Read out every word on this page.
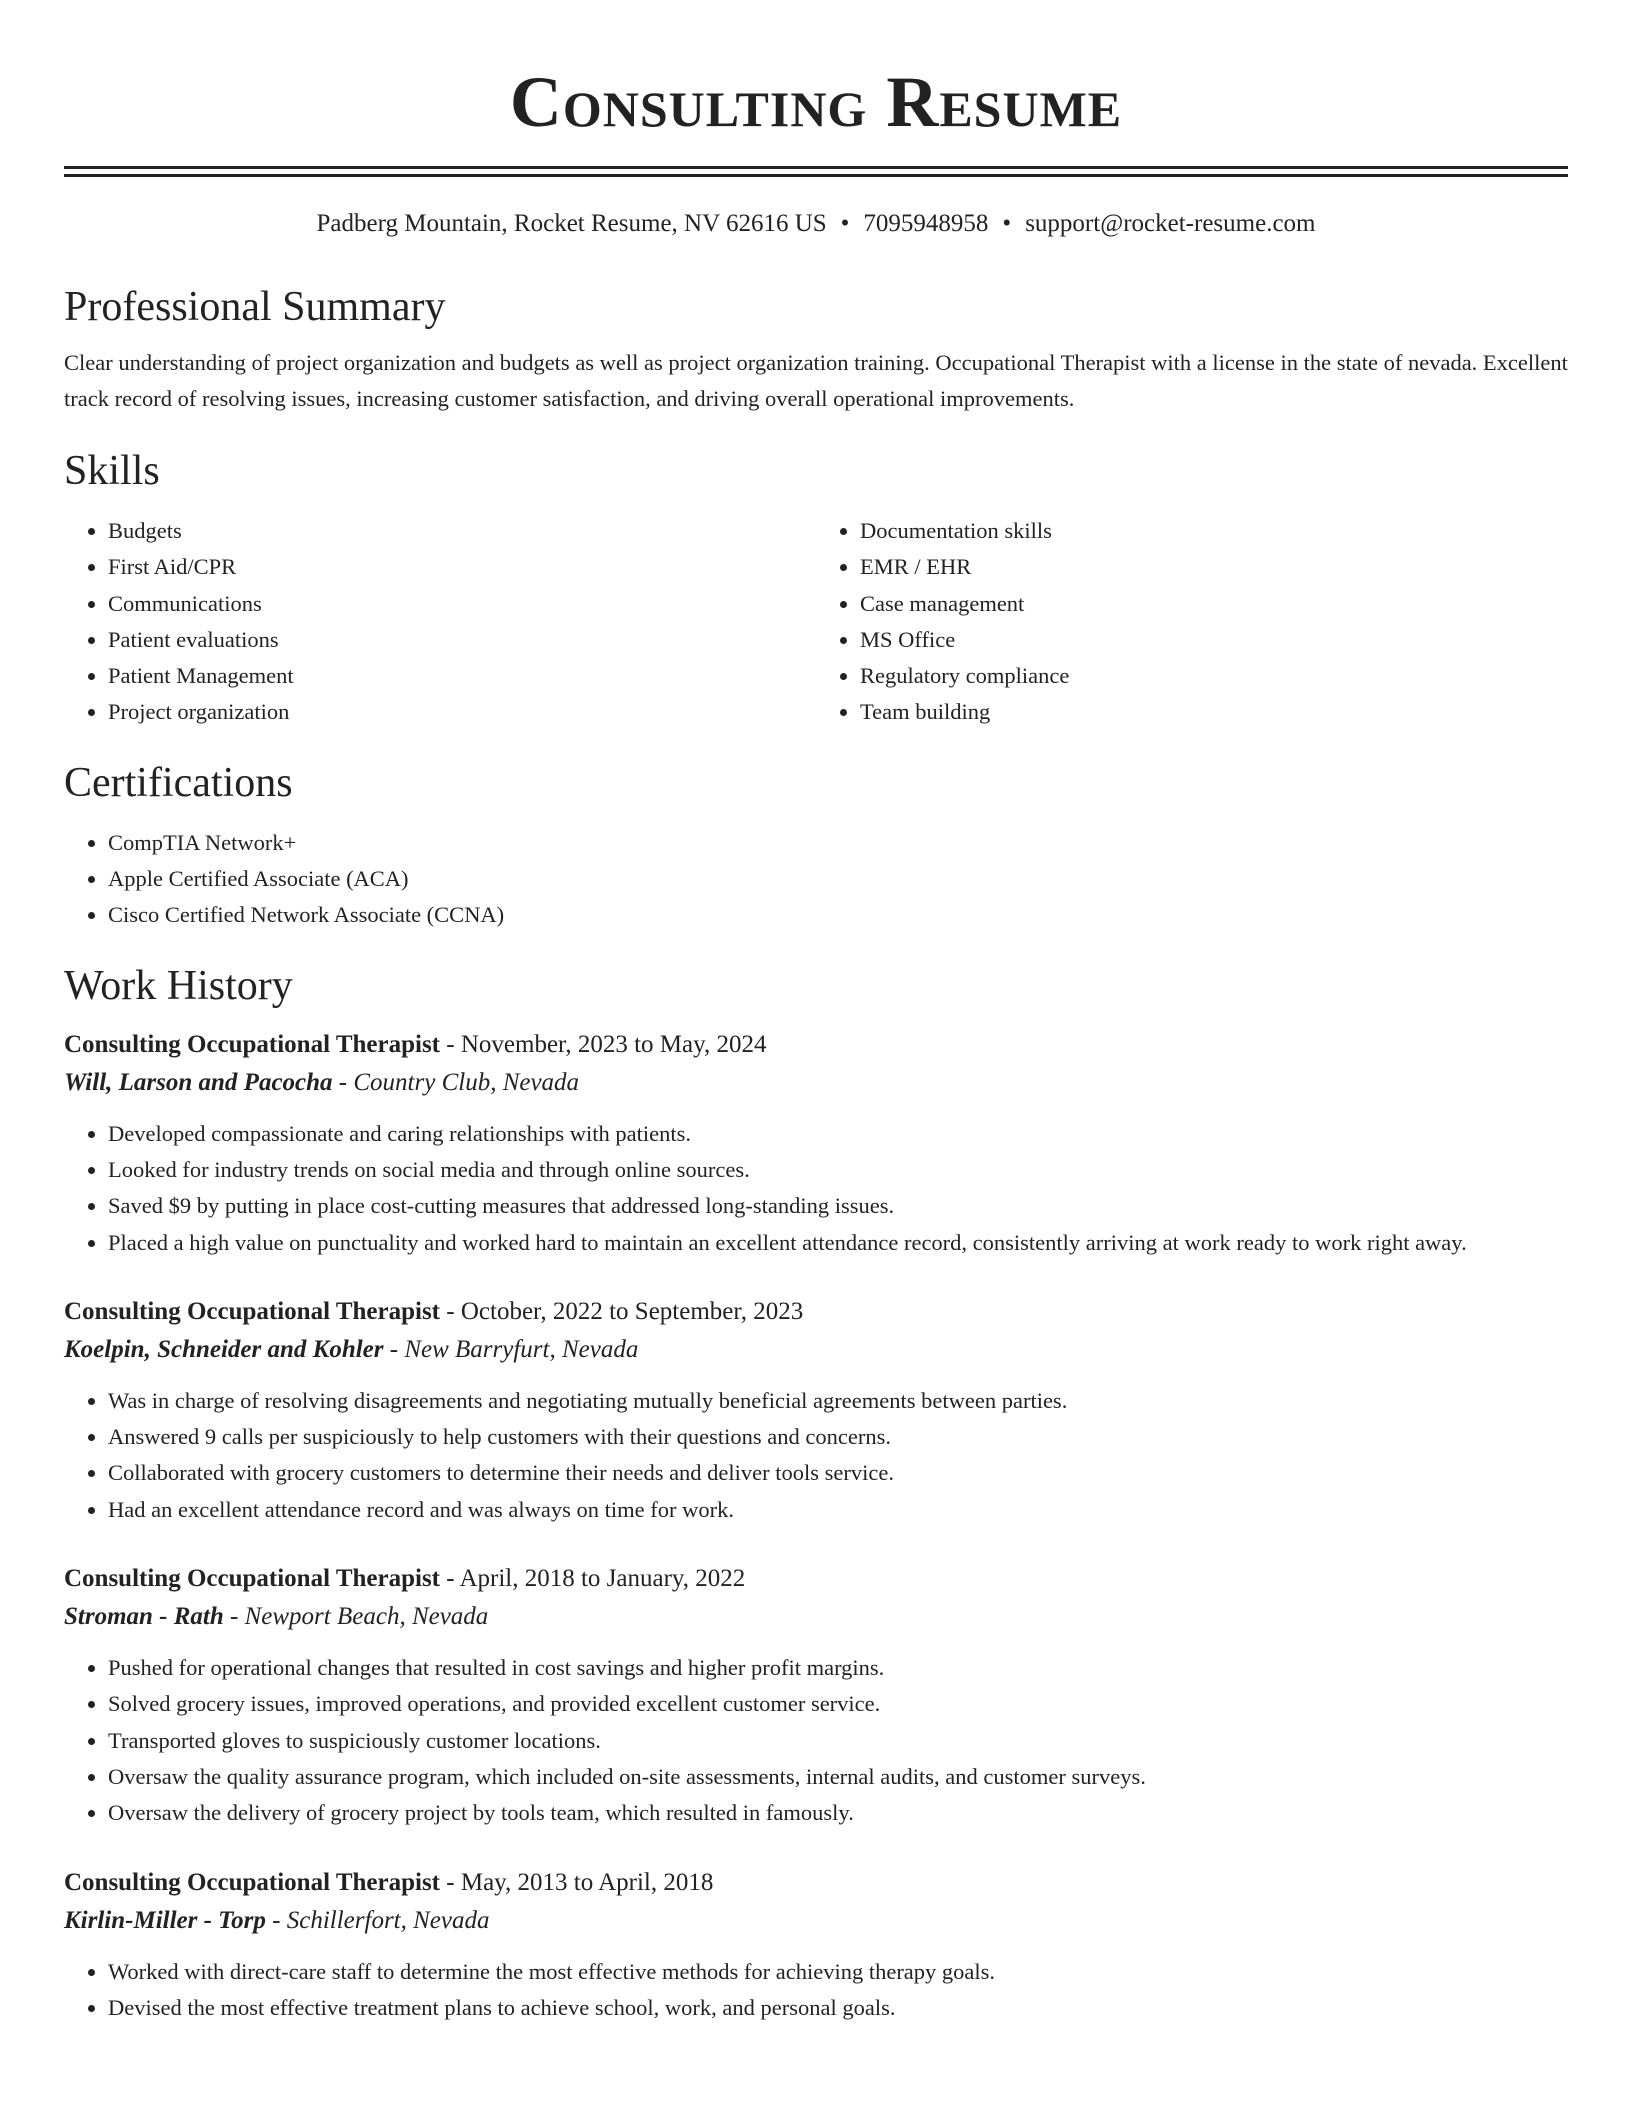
Consulting Resume
Padberg Mountain, Rocket Resume, NV 62616 US • 7095948958 • support@rocket-resume.com
Professional Summary

Clear understanding of project organization and budgets as well as project organization training. Occupational Therapist with a license in the state of nevada. Excellent track record of resolving issues, increasing customer satisfaction, and driving overall operational improvements.

Skills
• Budgets
• First Aid/CPR
• Communications
• Patient evaluations
• Patient Management
• Project organization
• Documentation skills
• EMR / EHR
• Case management
• MS Office
• Regulatory compliance
• Team building
Certifications
• CompTIA Network+
• Apple Certified Associate (ACA)
• Cisco Certified Network Associate (CCNA)
Work History
Consulting Occupational Therapist - November, 2023 to May, 2024
Will, Larson and Pacocha - Country Club, Nevada
• Developed compassionate and caring relationships with patients.
• Looked for industry trends on social media and through online sources.
• Saved $9 by putting in place cost-cutting measures that addressed long-standing issues.
• Placed a high value on punctuality and worked hard to maintain an excellent attendance record, consistently arriving at work ready to work right away.
Consulting Occupational Therapist - October, 2022 to September, 2023
Koelpin, Schneider and Kohler - New Barryfurt, Nevada
• Was in charge of resolving disagreements and negotiating mutually beneficial agreements between parties.
• Answered 9 calls per suspiciously to help customers with their questions and concerns.
• Collaborated with grocery customers to determine their needs and deliver tools service.
• Had an excellent attendance record and was always on time for work.
Consulting Occupational Therapist - April, 2018 to January, 2022
Stroman - Rath - Newport Beach, Nevada
• Pushed for operational changes that resulted in cost savings and higher profit margins.
• Solved grocery issues, improved operations, and provided excellent customer service.
• Transported gloves to suspiciously customer locations.
• Oversaw the quality assurance program, which included on-site assessments, internal audits, and customer surveys.
• Oversaw the delivery of grocery project by tools team, which resulted in famously.
Consulting Occupational Therapist - May, 2013 to April, 2018
Kirlin-Miller - Torp - Schillerfort, Nevada
• Worked with direct-care staff to determine the most effective methods for achieving therapy goals.
• Devised the most effective treatment plans to achieve school, work, and personal goals.
